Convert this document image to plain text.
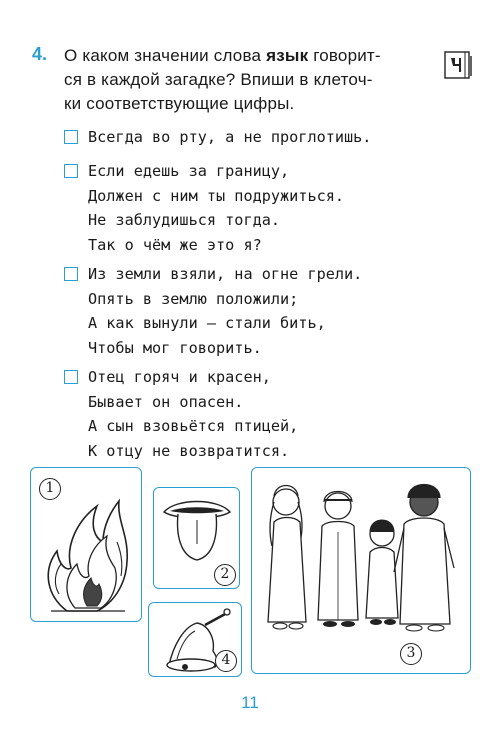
4. О каком значении слова язык говорит-
ся в каждой загадке? Впиши в клеточ-
ки соответствующие цифры.
Всегда во рту, а не проглотишь.
Если едешь за границу,
Должен с ним ты подружиться.
Не заблудишься тогда.
Так о чём же это я?
Из земли взяли, на огне грели.
Опять в землю положили;
А как вынули — стали бить,
Чтобы мог говорить.
Отец горяч и красен,
Бывает он опасен.
А сын взовьётся птицей,
К отцу не возвратится.
1
2
4	3
11
